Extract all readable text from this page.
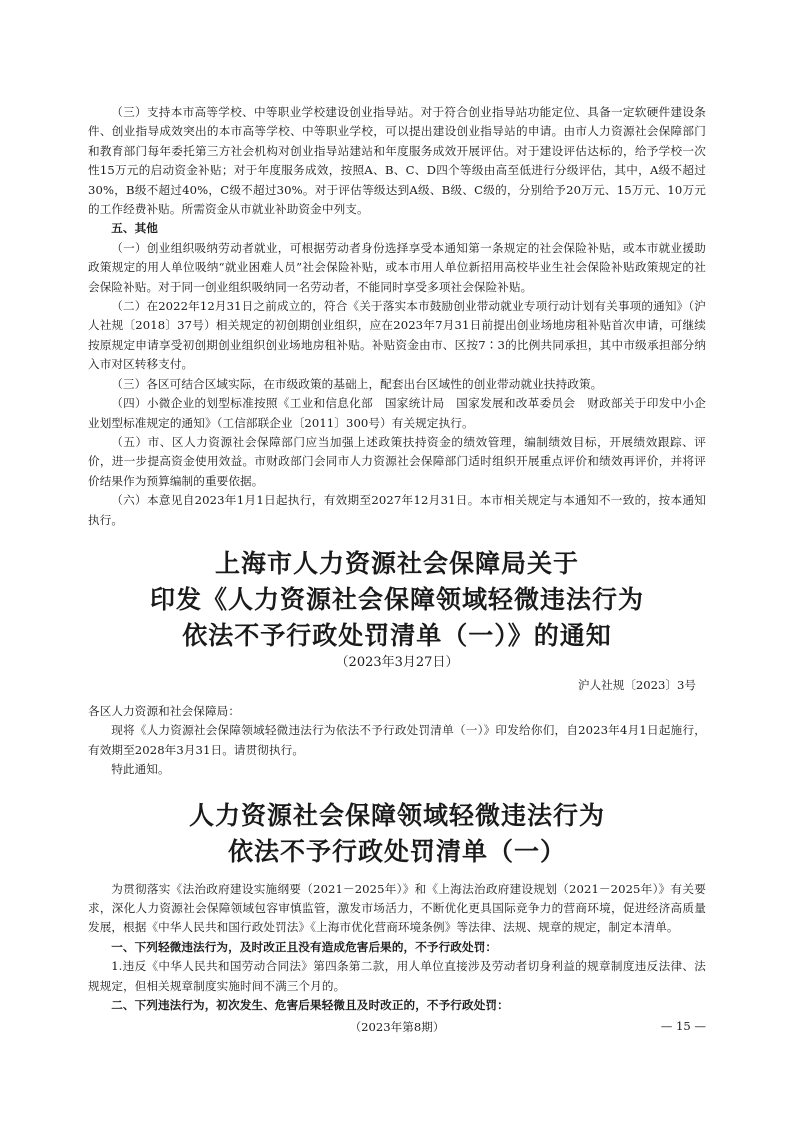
（三）支持本市高等学校、中等职业学校建设创业指导站。对于符合创业指导站功能定位、具备一定软硬件建设条件、创业指导成效突出的本市高等学校、中等职业学校，可以提出建设创业指导站的申请。由市人力资源社会保障部门和教育部门每年委托第三方社会机构对创业指导站建站和年度服务成效开展评估。对于建设评估达标的，给予学校一次性15万元的启动资金补贴；对于年度服务成效，按照A、B、C、D四个等级由高至低进行分级评估，其中，A级不超过30%，B级不超过40%，C级不超过30%。对于评估等级达到A级、B级、C级的，分别给予20万元、15万元、10万元的工作经费补贴。所需资金从市就业补助资金中列支。

五、其他

（一）创业组织吸纳劳动者就业，可根据劳动者身份选择享受本通知第一条规定的社会保险补贴，或本市就业援助政策规定的用人单位吸纳“就业困难人员”社会保险补贴，或本市用人单位新招用高校毕业生社会保险补贴政策规定的社会保险补贴。对于同一创业组织吸纳同一名劳动者，不能同时享受多项社会保险补贴。

（二）在2022年12月31日之前成立的，符合《关于落实本市鼓励创业带动就业专项行动计划有关事项的通知》（沪人社规〔2018〕37号）相关规定的初创期创业组织，应在2023年7月31日前提出创业场地房租补贴首次申请，可继续按原规定申请享受初创期创业组织创业场地房租补贴。补贴资金由市、区按7∶3的比例共同承担，其中市级承担部分纳入市对区转移支付。

（三）各区可结合区域实际，在市级政策的基础上，配套出台区域性的创业带动就业扶持政策。

（四）小微企业的划型标准按照《工业和信息化部　国家统计局　国家发展和改革委员会　财政部关于印发中小企业划型标准规定的通知》（工信部联企业〔2011〕300号）有关规定执行。

（五）市、区人力资源社会保障部门应当加强上述政策扶持资金的绩效管理，编制绩效目标，开展绩效跟踪、评价，进一步提高资金使用效益。市财政部门会同市人力资源社会保障部门适时组织开展重点评价和绩效再评价，并将评价结果作为预算编制的重要依据。

（六）本意见自2023年1月1日起执行，有效期至2027年12月31日。本市相关规定与本通知不一致的，按本通知执行。

上海市人力资源社会保障局关于
印发《人力资源社会保障领域轻微违法行为
依法不予行政处罚清单（一）》的通知

（2023年3月27日）

沪人社规〔2023〕3号

各区人力资源和社会保障局：

现将《人力资源社会保障领域轻微违法行为依法不予行政处罚清单（一）》印发给你们，自2023年4月1日起施行，有效期至2028年3月31日。请贯彻执行。

特此通知。

人力资源社会保障领域轻微违法行为
依法不予行政处罚清单（一）

为贯彻落实《法治政府建设实施纲要（2021－2025年）》和《上海法治政府建设规划（2021－2025年）》有关要求，深化人力资源社会保障领域包容审慎监管，激发市场活力，不断优化更具国际竞争力的营商环境，促进经济高质量发展，根据《中华人民共和国行政处罚法》《上海市优化营商环境条例》等法律、法规、规章的规定，制定本清单。

一、下列轻微违法行为，及时改正且没有造成危害后果的，不予行政处罚：

1.违反《中华人民共和国劳动合同法》第四条第二款，用人单位直接涉及劳动者切身利益的规章制度违反法律、法规规定，但相关规章制度实施时间不满三个月的。

二、下列违法行为，初次发生、危害后果轻微且及时改正的，不予行政处罚：

（2023年第8期）	— 15 —
